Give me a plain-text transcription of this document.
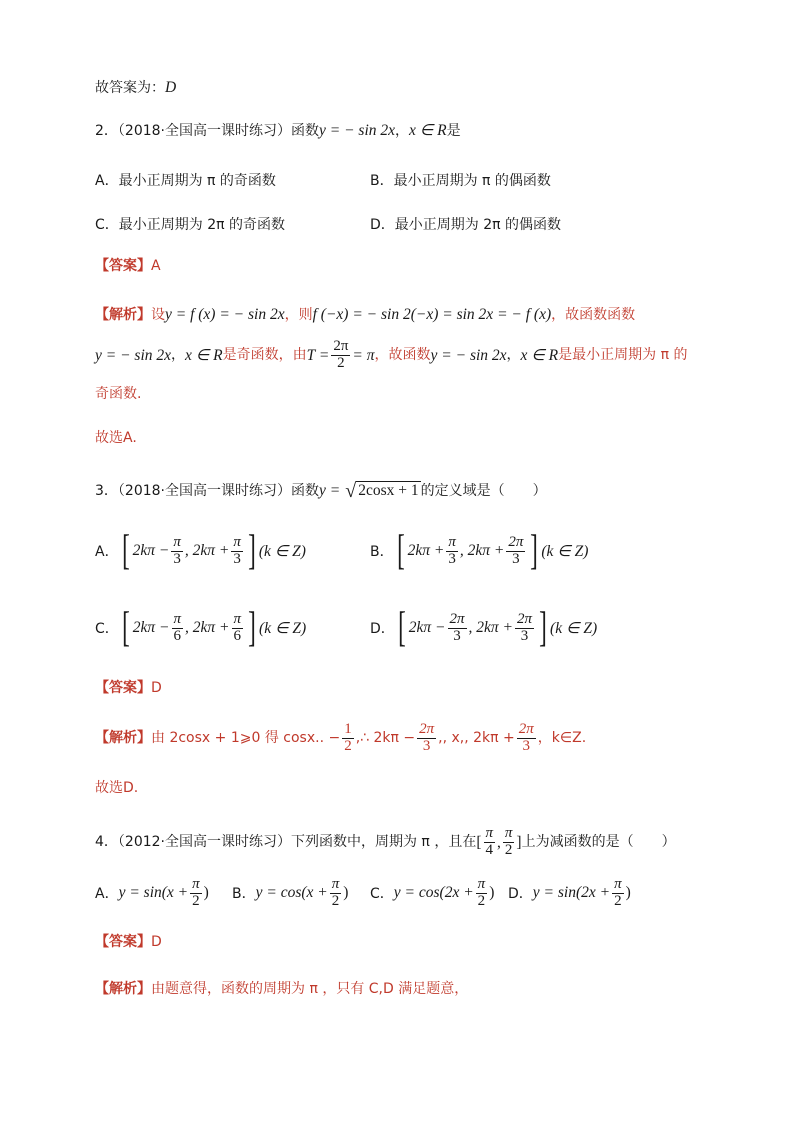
故答案为： D
2．（2018·全国高一课时练习）函数 y = − sin 2x ， x ∈ R 是
A．最小正周期为 π 的奇函数	B．最小正周期为 π 的偶函数
C．最小正周期为 2π 的奇函数	D．最小正周期为 2π 的偶函数
【答案】 A
【解析】 设 y = f (x) = − sin 2x ，则 f (−x) = − sin 2(−x) = sin 2x = − f (x) ，故函数函数
y = − sin 2x ， x ∈ R 是奇函数，由 $T = \frac{2\pi}{2} = \pi$ ，故函数 y = − sin 2x ， x ∈ R 是最小正周期为 π 的
奇函数.
故选A.
3．（2018·全国高一课时练习）函数 y = √ 2cosx + 1 的定义域是（　　）
A． [ $2k\pi - \frac{\pi}{3}$ , $2k\pi + \frac{\pi}{3}$ ] (k ∈ Z)	B． [ $2k\pi + \frac{\pi}{3}$ , $2k\pi + \frac{2\pi}{3}$ ] (k ∈ Z)
C． [ $2k\pi - \frac{\pi}{6}$ , $2k\pi + \frac{\pi}{6}$ ] (k ∈ Z)	D． [ $2k\pi - \frac{2\pi}{3}$ , $2k\pi + \frac{2\pi}{3}$ ] (k ∈ Z)
【答案】 D
【解析】 由 2cosx + 1⩾0 得 cosx.. − $\frac{1}{2}$ ,∴ $2k\pi - \frac{2\pi}{3}$ ,, x,, $2k\pi + \frac{2\pi}{3}$ ，k∈Z.
故选D.
4．（2012·全国高一课时练习）下列函数中，周期为 π ，且在 [ $\frac{\pi}{4}$ , $\frac{\pi}{2}$ ] 上为减函数的是（　　）
A． $y = \sin(x + \frac{\pi}{2}$ ) B． $y = \cos(x + \frac{\pi}{2}$ ) C． $y = \cos(2x + \frac{\pi}{2}$ ) D． $y = \sin(2x + \frac{\pi}{2}$ )
【答案】 D
【解析】 由题意得，函数的周期为 π ，只有 C,D 满足题意，
